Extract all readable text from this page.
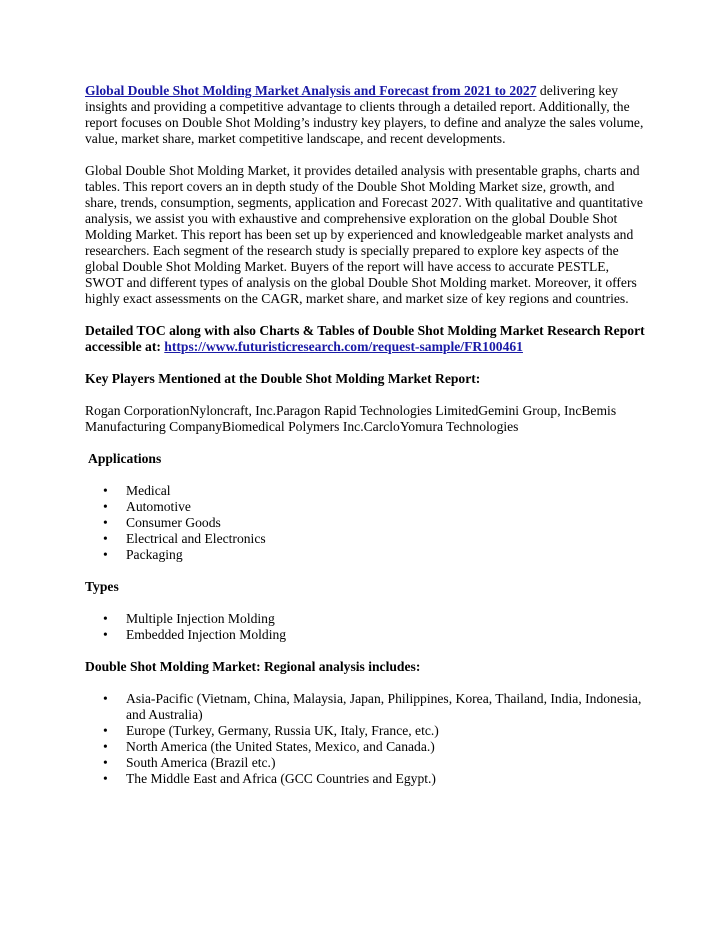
Global Double Shot Molding Market Analysis and Forecast from 2021 to 2027 delivering key insights and providing a competitive advantage to clients through a detailed report. Additionally, the report focuses on Double Shot Molding’s industry key players, to define and analyze the sales volume, value, market share, market competitive landscape, and recent developments.

Global Double Shot Molding Market, it provides detailed analysis with presentable graphs, charts and tables. This report covers an in depth study of the Double Shot Molding Market size, growth, and share, trends, consumption, segments, application and Forecast 2027. With qualitative and quantitative analysis, we assist you with exhaustive and comprehensive exploration on the global Double Shot Molding Market. This report has been set up by experienced and knowledgeable market analysts and researchers. Each segment of the research study is specially prepared to explore key aspects of the global Double Shot Molding Market. Buyers of the report will have access to accurate PESTLE, SWOT and different types of analysis on the global Double Shot Molding market. Moreover, it offers highly exact assessments on the CAGR, market share, and market size of key regions and countries.

Detailed TOC along with also Charts & Tables of Double Shot Molding Market Research Report accessible at: https://www.futuristicresearch.com/request-sample/FR100461

Key Players Mentioned at the Double Shot Molding Market Report:

Rogan CorporationNyloncraft, Inc.Paragon Rapid Technologies LimitedGemini Group, IncBemis Manufacturing CompanyBiomedical Polymers Inc.CarcloYomura Technologies

Applications

• Medical
• Automotive
• Consumer Goods
• Electrical and Electronics
• Packaging

Types

• Multiple Injection Molding
• Embedded Injection Molding

Double Shot Molding Market: Regional analysis includes:

• Asia-Pacific (Vietnam, China, Malaysia, Japan, Philippines, Korea, Thailand, India, Indonesia, and Australia)
• Europe (Turkey, Germany, Russia UK, Italy, France, etc.)
• North America (the United States, Mexico, and Canada.)
• South America (Brazil etc.)
• The Middle East and Africa (GCC Countries and Egypt.)
